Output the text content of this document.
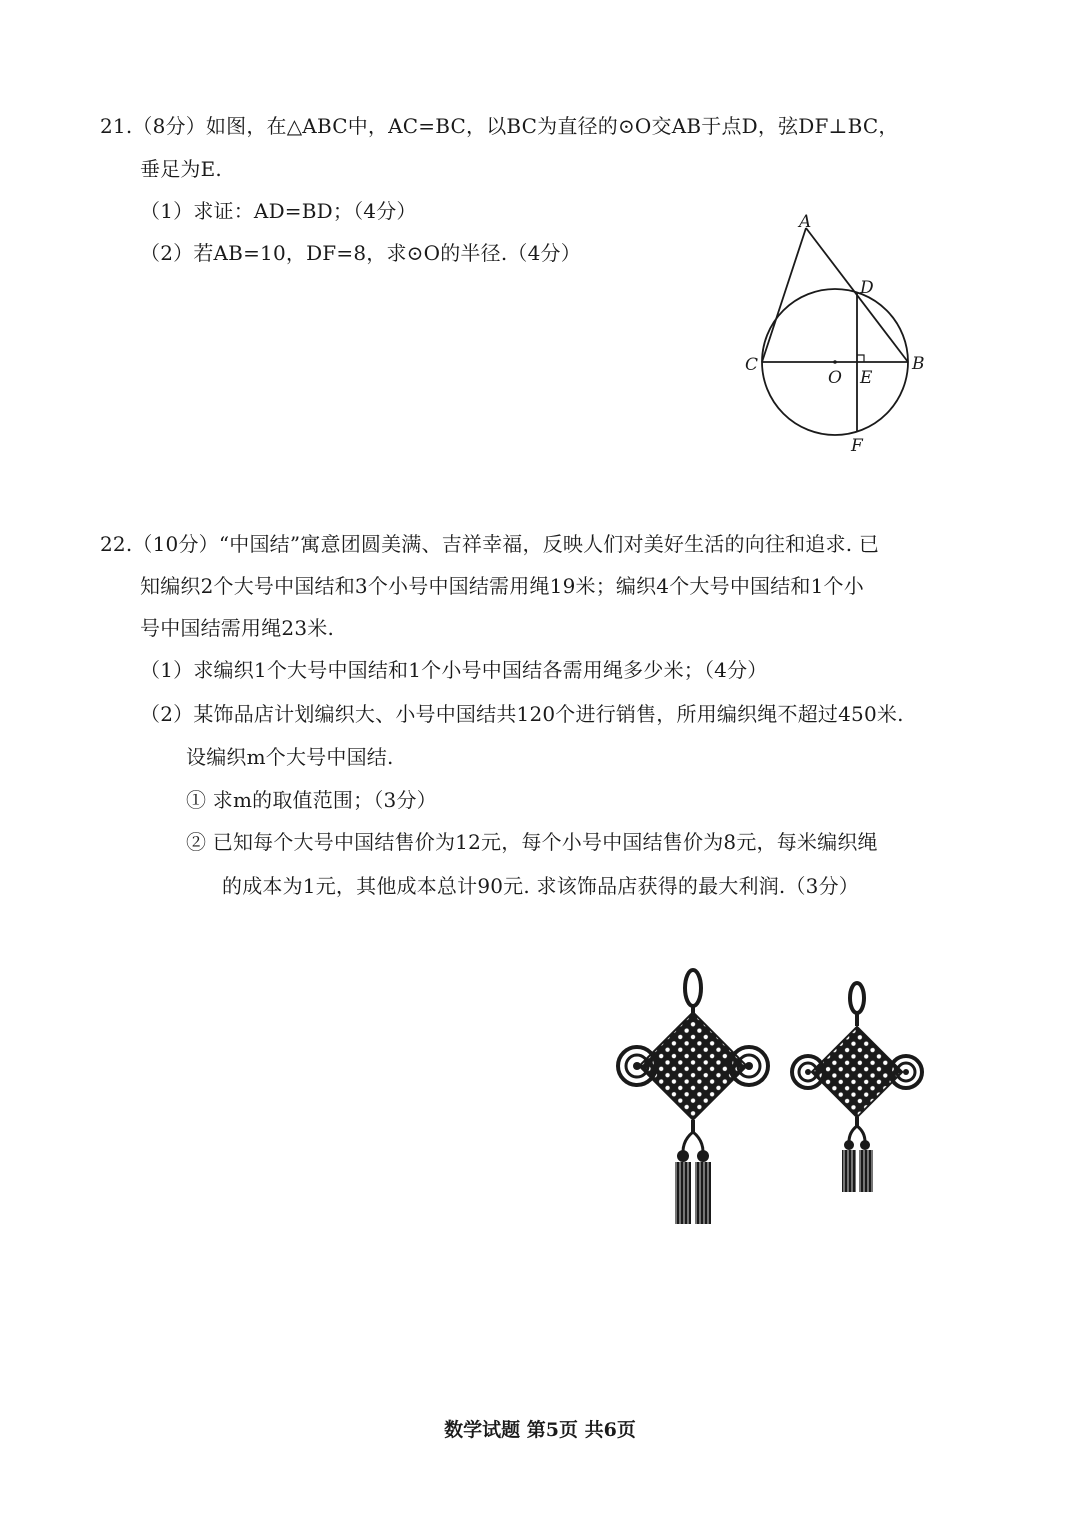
21.（8分）如图，在△ABC中，AC=BC，以BC为直径的⊙O交AB于点D，弦DF⊥BC，
垂足为E.
（1）求证：AD=BD；（4分）
（2）若AB=10，DF=8，求⊙O的半径.（4分）
A
D
C
O E
B
F
22.（10分）“中国结”寓意团圆美满、吉祥幸福，反映人们对美好生活的向往和追求. 已
知编织2个大号中国结和3个小号中国结需用绳19米；编织4个大号中国结和1个小
号中国结需用绳23米.
（1）求编织1个大号中国结和1个小号中国结各需用绳多少米；（4分）
（2）某饰品店计划编织大、小号中国结共120个进行销售，所用编织绳不超过450米.
设编织m个大号中国结.
① 求m的取值范围；（3分）
② 已知每个大号中国结售价为12元，每个小号中国结售价为8元，每米编织绳
的成本为1元，其他成本总计90元. 求该饰品店获得的最大利润.（3分）
数学试题 第5页 共6页
